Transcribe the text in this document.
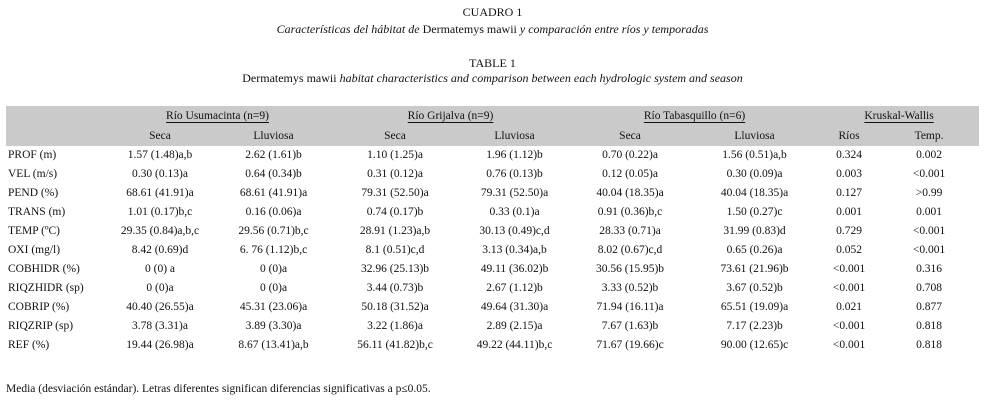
CUADRO 1
Características del hábitat de Dermatemys mawii y comparación entre ríos y temporadas
TABLE 1
Dermatemys mawii habitat characteristics and comparison between each hydrologic system and season
	Río Usumacinta (n=9)		Río Grijalva (n=9)		Río Tabasquillo (n=6)		Kruskal-Wallis	
	Seca	Lluviosa	Seca	Lluviosa	Seca	Lluviosa	Ríos	Temp.
PROF (m)	1.57 (1.48)a,b	2.62 (1.61)b	1.10 (1.25)a	1.96 (1.12)b	0.70 (0.22)a	1.56 (0.51)a,b	0.324	0.002
VEL (m/s)	0.30 (0.13)a	0.64 (0.34)b	0.31 (0.12)a	0.76 (0.13)b	0.12 (0.05)a	0.30 (0.09)a	0.003	<0.001
PEND (%)	68.61 (41.91)a	68.61 (41.91)a	79.31 (52.50)a	79.31 (52.50)a	40.04 (18.35)a	40.04 (18.35)a	0.127	>0.99
TRANS (m)	1.01 (0.17)b,c	0.16 (0.06)a	0.74 (0.17)b	0.33 (0.1)a	0.91 (0.36)b,c	1.50 (0.27)c	0.001	0.001
TEMP (ºC)	29.35 (0.84)a,b,c	29.56 (0.71)b,c	28.91 (1.23)a,b	30.13 (0.49)c,d	28.33 (0.71)a	31.99 (0.83)d	0.729	<0.001
OXI (mg/l)	8.42 (0.69)d	6. 76 (1.12)b,c	8.1 (0.51)c,d	3.13 (0.34)a,b	8.02 (0.67)c,d	0.65 (0.26)a	0.052	<0.001
COBHIDR (%)	0 (0) a	0 (0)a	32.96 (25.13)b	49.11 (36.02)b	30.56 (15.95)b	73.61 (21.96)b	<0.001	0.316
RIQZHIDR (sp)	0 (0)a	0 (0)a	3.44 (0.73)b	2.67 (1.12)b	3.33 (0.52)b	3.67 (0.52)b	<0.001	0.708
COBRIP (%)	40.40 (26.55)a	45.31 (23.06)a	50.18 (31.52)a	49.64 (31.30)a	71.94 (16.11)a	65.51 (19.09)a	0.021	0.877
RIQZRIP (sp)	3.78 (3.31)a	3.89 (3.30)a	3.22 (1.86)a	2.89 (2.15)a	7.67 (1.63)b	7.17 (2.23)b	<0.001	0.818
REF (%)	19.44 (26.98)a	8.67 (13.41)a,b	56.11 (41.82)b,c	49.22 (44.11)b,c	71.67 (19.66)c	90.00 (12.65)c	<0.001	0.818
Media (desviación estándar). Letras diferentes significan diferencias significativas a p≤0.05.
